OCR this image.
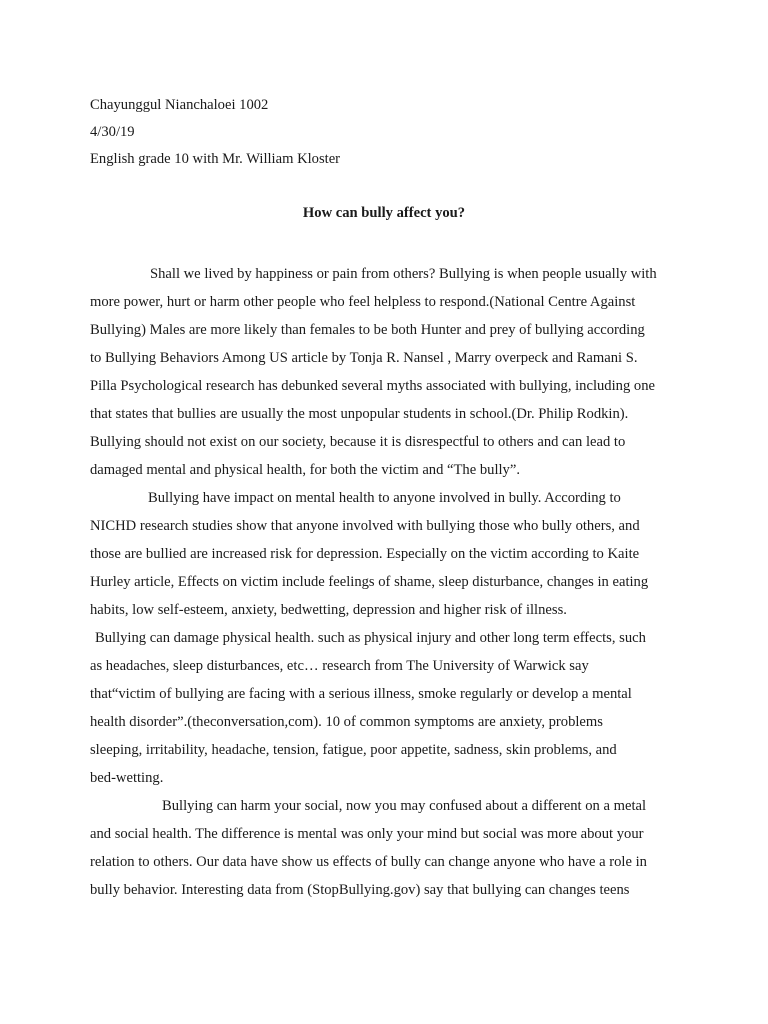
Chayunggul Nianchaloei 1002
4/30/19
English grade 10 with Mr. William Kloster
How can bully affect you?
Shall we lived by happiness or pain from others? Bullying is when people usually with
more power, hurt or harm other people who feel helpless to respond.(National Centre Against
Bullying) Males are more likely than females to be both Hunter and prey of bullying according
to Bullying Behaviors Among US article by Tonja R. Nansel , Marry overpeck and Ramani S.
Pilla Psychological research has debunked several myths associated with bullying, including one
that states that bullies are usually the most unpopular students in school.(Dr. Philip Rodkin).
Bullying should not exist on our society, because it is disrespectful to others and can lead to
damaged mental and physical health, for both the victim and “The bully”.
Bullying have impact on mental health to anyone involved in bully. According to
NICHD research studies show that anyone involved with bullying those who bully others, and
those are bullied are increased risk for depression. Especially on the victim according to Kaite
Hurley article, Effects on victim include feelings of shame, sleep disturbance, changes in eating
habits, low self-esteem, anxiety, bedwetting, depression and higher risk of illness.
Bullying can damage physical health. such as physical injury and other long term effects, such
as headaches, sleep disturbances, etc… research from The University of Warwick say
that“victim of bullying are facing with a serious illness, smoke regularly or develop a mental
health disorder”.(theconversation,com). 10 of common symptoms are anxiety, problems
sleeping, irritability, headache, tension, fatigue, poor appetite, sadness, skin problems, and
bed-wetting.
Bullying can harm your social, now you may confused about a different on a metal
and social health. The difference is mental was only your mind but social was more about your
relation to others. Our data have show us effects of bully can change anyone who have a role in
bully behavior. Interesting data from (StopBullying.gov) say that bullying can changes teens
